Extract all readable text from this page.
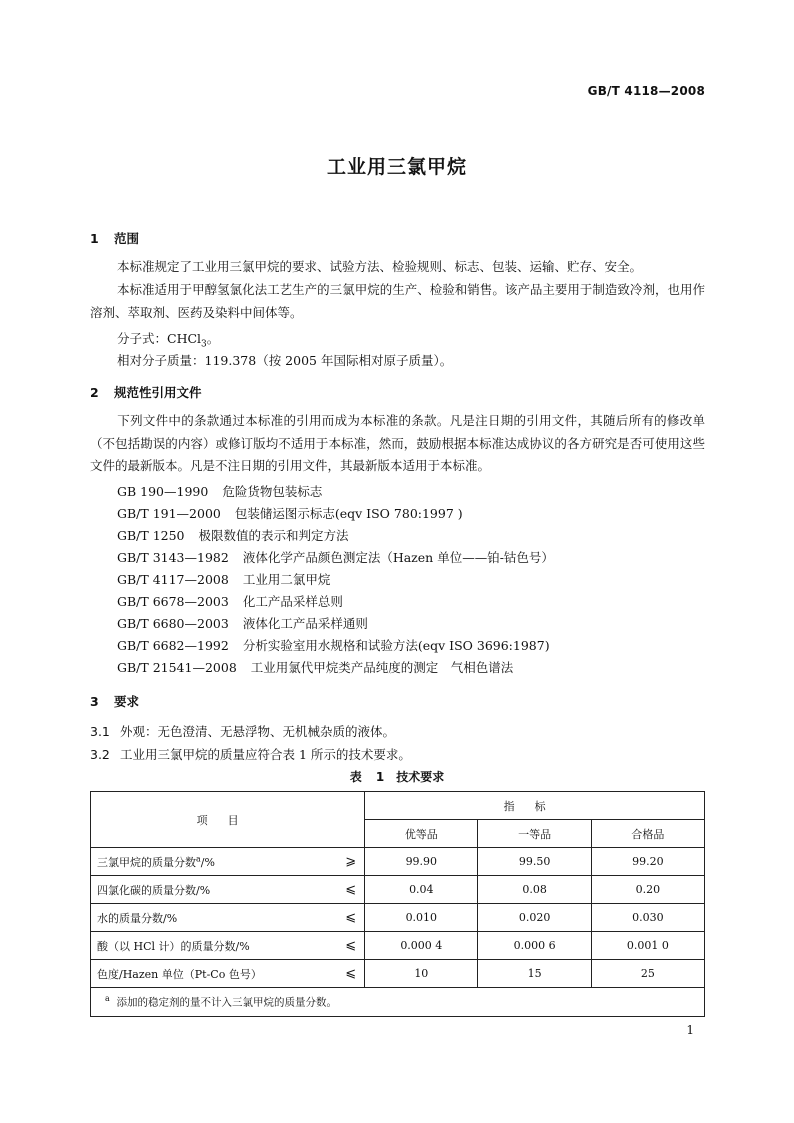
GB/T 4118—2008
工业用三氯甲烷
1 范围
本标准规定了工业用三氯甲烷的要求、试验方法、检验规则、标志、包装、运输、贮存、安全。
本标准适用于甲醇氢氯化法工艺生产的三氯甲烷的生产、检验和销售。该产品主要用于制造致冷剂，也用作溶剂、萃取剂、医药及染料中间体等。
分子式：CHCl$_3$。
相对分子质量：119.378（按 2005 年国际相对原子质量）。
2 规范性引用文件
下列文件中的条款通过本标准的引用而成为本标准的条款。凡是注日期的引用文件，其随后所有的修改单（不包括勘误的内容）或修订版均不适用于本标准，然而，鼓励根据本标准达成协议的各方研究是否可使用这些文件的最新版本。凡是不注日期的引用文件，其最新版本适用于本标准。
GB 190—1990 危险货物包装标志
GB/T 191—2000 包装储运图示标志(eqv ISO 780:1997 )
GB/T 1250 极限数值的表示和判定方法
GB/T 3143—1982 液体化学产品颜色测定法（Hazen 单位——铂-钴色号）
GB/T 4117—2008 工业用二氯甲烷
GB/T 6678—2003 化工产品采样总则
GB/T 6680—2003 液体化工产品采样通则
GB/T 6682—1992 分析实验室用水规格和试验方法(eqv ISO 3696:1987)
GB/T 21541—2008 工业用氯代甲烷类产品纯度的测定　气相色谱法
3 要求
3.1 外观：无色澄清、无悬浮物、无机械杂质的液体。
3.2 工业用三氯甲烷的质量应符合表 1 所示的技术要求。
表 1　技术要求
项目		指标		
		优等品	一等品	合格品
三氯甲烷的质量分数$^a$/%	⩾	99.90	99.50	99.20
四氯化碳的质量分数/%	⩽	0.04	0.08	0.20
水的质量分数/%	⩽	0.010	0.020	0.030
酸（以 HCl 计）的质量分数/%	⩽	0.000 4	0.000 6	0.001 0
色度/Hazen 单位（Pt-Co 色号）	⩽	10	15	25
$^a$ 添加的稳定剂的量不计入三氯甲烷的质量分数。				
1
